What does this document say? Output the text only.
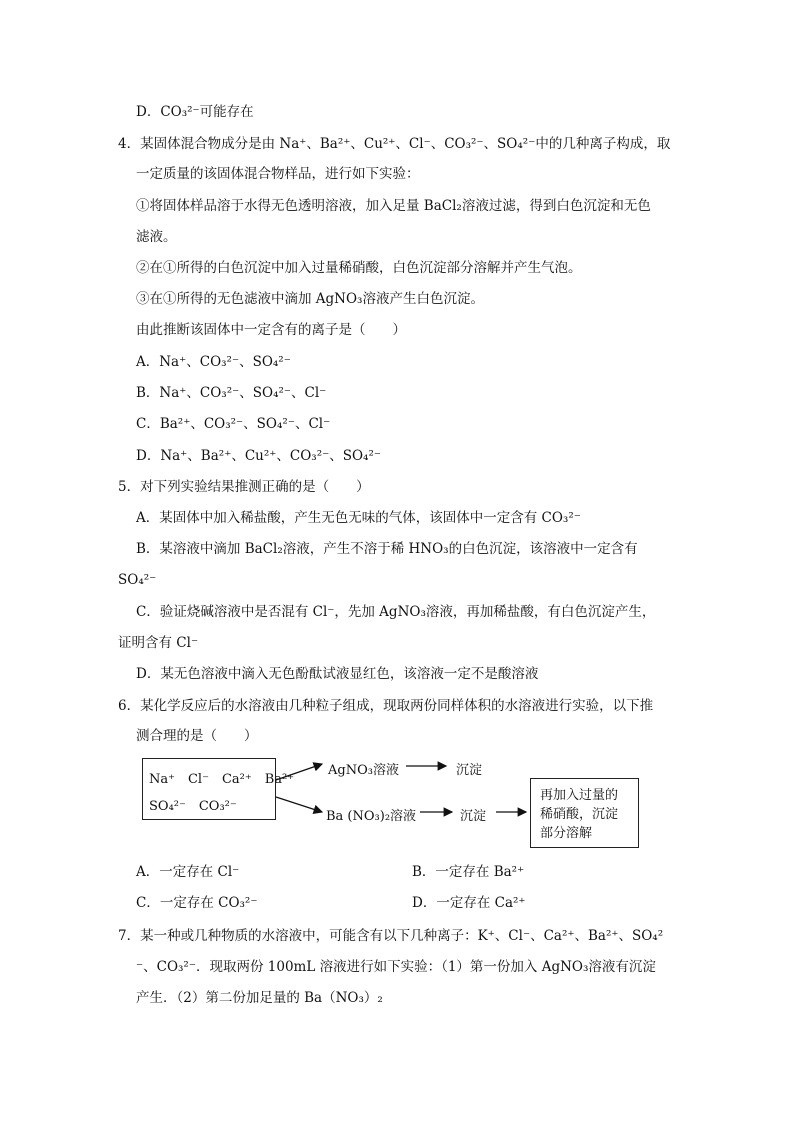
D．CO₃²⁻可能存在
4．某固体混合物成分是由 Na⁺、Ba²⁺、Cu²⁺、Cl⁻、CO₃²⁻、SO₄²⁻中的几种离子构成，取
一定质量的该固体混合物样品，进行如下实验：
①将固体样品溶于水得无色透明溶液，加入足量 BaCl₂溶液过滤，得到白色沉淀和无色
滤液。
②在①所得的白色沉淀中加入过量稀硝酸，白色沉淀部分溶解并产生气泡。
③在①所得的无色滤液中滴加 AgNO₃溶液产生白色沉淀。
由此推断该固体中一定含有的离子是（　　）
A．Na⁺、CO₃²⁻、SO₄²⁻
B．Na⁺、CO₃²⁻、SO₄²⁻、Cl⁻
C．Ba²⁺、CO₃²⁻、SO₄²⁻、Cl⁻
D．Na⁺、Ba²⁺、Cu²⁺、CO₃²⁻、SO₄²⁻
5．对下列实验结果推测正确的是（　　）
A．某固体中加入稀盐酸，产生无色无味的气体，该固体中一定含有 CO₃²⁻
B．某溶液中滴加 BaCl₂溶液，产生不溶于稀 HNO₃的白色沉淀，该溶液中一定含有
SO₄²⁻
C．验证烧碱溶液中是否混有 Cl⁻，先加 AgNO₃溶液，再加稀盐酸，有白色沉淀产生，
证明含有 Cl⁻
D．某无色溶液中滴入无色酚酞试液显红色，该溶液一定不是酸溶液
6．某化学反应后的水溶液由几种粒子组成，现取两份同样体积的水溶液进行实验，以下推
测合理的是（　　）
Na⁺　Cl⁻　Ca²⁺　Ba²⁺
SO₄²⁻　CO₃²⁻
AgNO₃溶液	沉淀
Ba (NO₃)₂溶液	沉淀
再加入过量的
稀硝酸，沉淀
部分溶解
A．一定存在 Cl⁻	B．一定存在 Ba²⁺
C．一定存在 CO₃²⁻	D．一定存在 Ca²⁺
7．某一种或几种物质的水溶液中，可能含有以下几种离子：K⁺、Cl⁻、Ca²⁺、Ba²⁺、SO₄²
⁻、CO₃²⁻．现取两份 100mL 溶液进行如下实验：（1）第一份加入 AgNO₃溶液有沉淀
产生．（2）第二份加足量的 Ba（NO₃）₂
